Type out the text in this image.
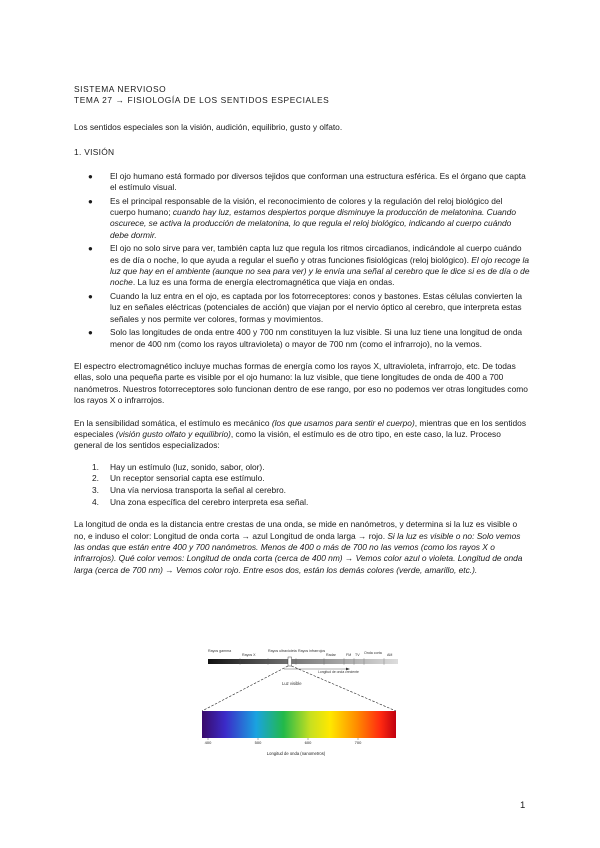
SISTEMA NERVIOSO

TEMA 27 → FISIOLOGÍA DE LOS SENTIDOS ESPECIALES

Los sentidos especiales son la visión, audición, equilibrio, gusto y olfato.

1. VISIÓN

● El ojo humano está formado por diversos tejidos que conforman una estructura esférica. Es el órgano que capta el estímulo visual.
● Es el principal responsable de la visión, el reconocimiento de colores y la regulación del reloj biológico del cuerpo humano; cuando hay luz, estamos despiertos porque disminuye la producción de melatonina. Cuando oscurece, se activa la producción de melatonina, lo que regula el reloj biológico, indicando al cuerpo cuándo debe dormir.
● El ojo no solo sirve para ver, también capta luz que regula los ritmos circadianos, indicándole al cuerpo cuándo es de día o noche, lo que ayuda a regular el sueño y otras funciones fisiológicas (reloj biológico). El ojo recoge la luz que hay en el ambiente (aunque no sea para ver) y le envía una señal al cerebro que le dice si es de día o de noche. La luz es una forma de energía electromagnética que viaja en ondas.
● Cuando la luz entra en el ojo, es captada por los fotorreceptores: conos y bastones. Estas células convierten la luz en señales eléctricas (potenciales de acción) que viajan por el nervio óptico al cerebro, que interpreta estas señales y nos permite ver colores, formas y movimientos.
● Solo las longitudes de onda entre 400 y 700 nm constituyen la luz visible. Si una luz tiene una longitud de onda menor de 400 nm (como los rayos ultravioleta) o mayor de 700 nm (como el infrarrojo), no la vemos.

El espectro electromagnético incluye muchas formas de energía como los rayos X, ultravioleta, infrarrojo, etc. De todas ellas, solo una pequeña parte es visible por el ojo humano: la luz visible, que tiene longitudes de onda de 400 a 700 nanómetros. Nuestros fotorreceptores solo funcionan dentro de ese rango, por eso no podemos ver otras longitudes como los rayos X o infrarrojos.

En la sensibilidad somática, el estímulo es mecánico (los que usamos para sentir el cuerpo), mientras que en los sentidos especiales (visión gusto olfato y equilibrio), como la visión, el estímulo es de otro tipo, en este caso, la luz. Proceso general de los sentidos especializados:

1. Hay un estímulo (luz, sonido, sabor, olor).
2. Un receptor sensorial capta ese estímulo.
3. Una vía nerviosa transporta la señal al cerebro.
4. Una zona específica del cerebro interpreta esa señal.

La longitud de onda es la distancia entre crestas de una onda, se mide en nanómetros, y determina si la luz es visible o no, e induso el color: Longitud de onda corta → azul Longitud de onda larga → rojo. Si la luz es visible o no: Solo vemos las ondas que están entre 400 y 700 nanómetros. Menos de 400 o más de 700 no las vemos (como los rayos X o infrarrojos). Qué color vemos: Longitud de onda corta (cerca de 400 nm) → Vemos color azul o violeta. Longitud de onda larga (cerca de 700 nm) → Vemos color rojo. Entre esos dos, están los demás colores (verde, amarillo, etc.).

Rayos gamma
Rayos X
Rayos ultravioleta Rayos infrarrojos
Radar	FM TV Onda corta AM
Longitud de onda creciente
Luz visible
400	500	600	700
Longitud de onda (nanometros)
1
